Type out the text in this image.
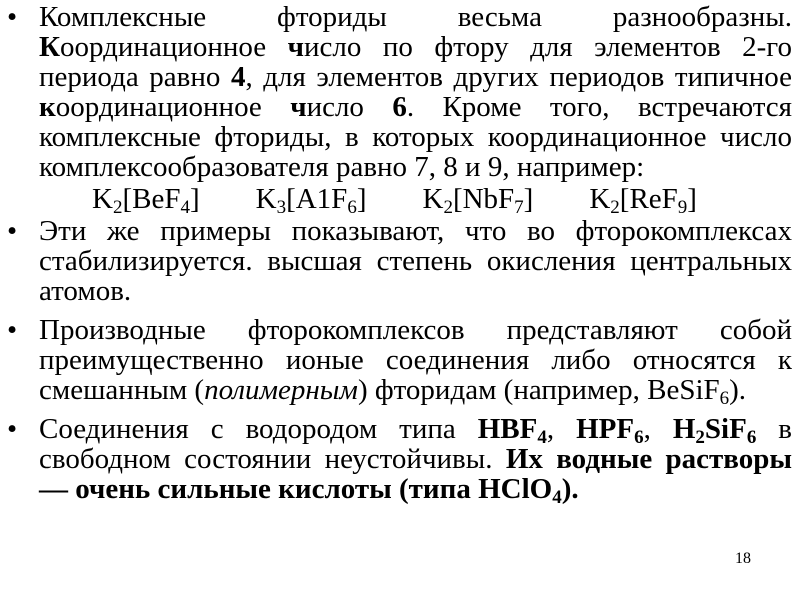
• Комплексные фториды весьма разнообразны. Координационное число по фтору для элементов 2-го периода равно 4, для элементов других периодов типичное координационное число 6. Кроме того, встречаются комплексные фториды, в которых координационное число комплексообразователя равно 7, 8 и 9, например:

$K_2[BeF_4]$ $K_3[A1F_6]$ $K_2[NbF_7]$ $K_2[ReF_9]$

• Эти же примеры показывают, что во фторокомплексах стабилизируется. высшая степень окисления центральных атомов.

• Производные фторокомплексов представляют собой преимущественно ионые соединения либо относятся к смешанным (полимерным) фторидам (например, BeSiF$_6$).

• Соединения с водородом типа $HBF_4$, $HPF_6$, $H_2SiF_6$ в свободном состоянии неустойчивы. Их водные растворы — очень сильные кислоты (типа HClO$_4$).

18
